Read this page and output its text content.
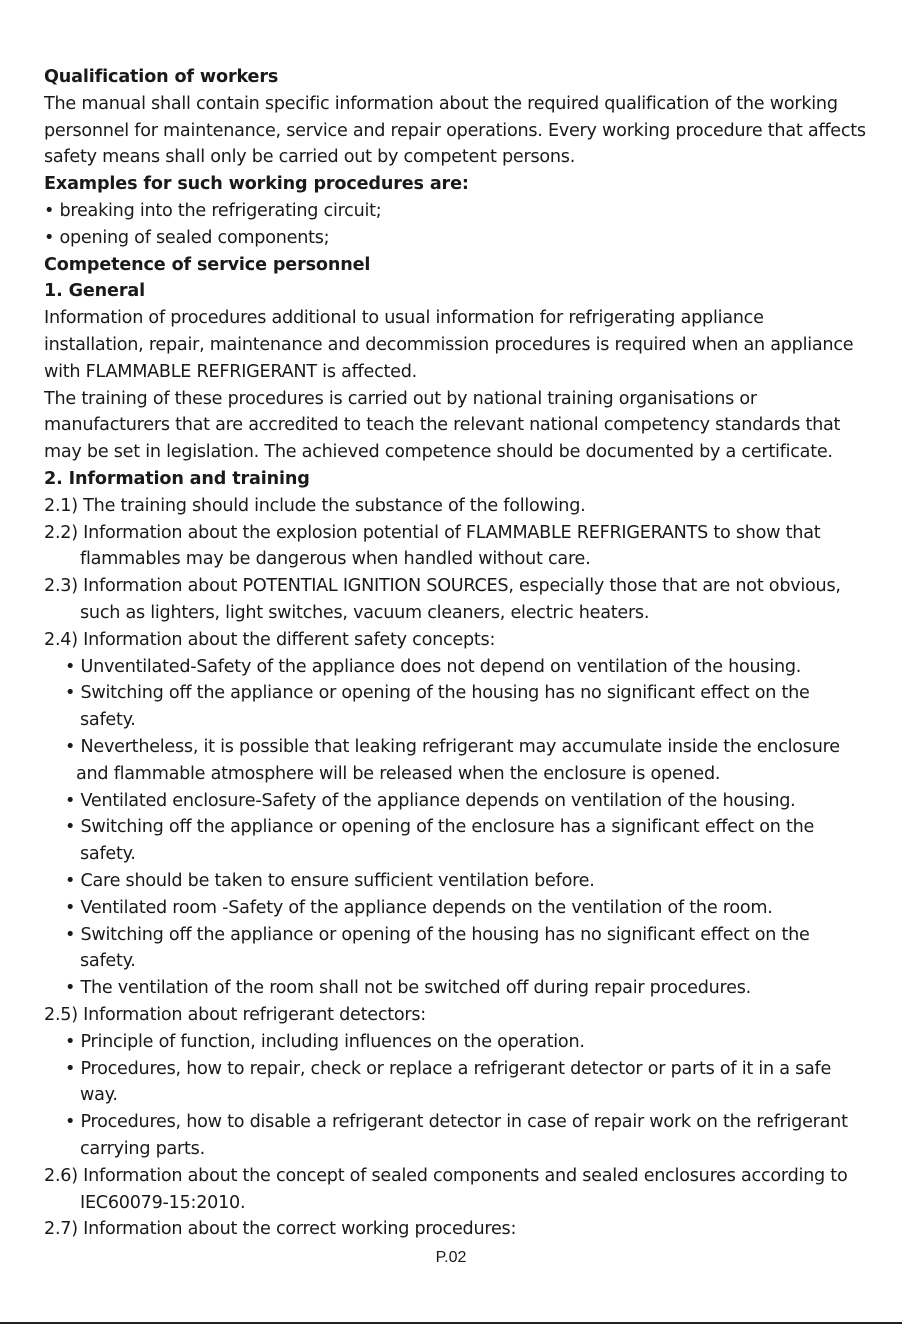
Qualification of workers
The manual shall contain specific information about the required qualification of the working
personnel for maintenance, service and repair operations. Every working procedure that affects
safety means shall only be carried out by competent persons.
Examples for such working procedures are:
• breaking into the refrigerating circuit;
• opening of sealed components;
Competence of service personnel
1. General
Information of procedures additional to usual information for refrigerating appliance
installation, repair, maintenance and decommission procedures is required when an appliance
with FLAMMABLE REFRIGERANT is affected.
The training of these procedures is carried out by national training organisations or
manufacturers that are accredited to teach the relevant national competency standards that
may be set in legislation. The achieved competence should be documented by a certificate.
2. Information and training
2.1) The training should include the substance of the following.
2.2) Information about the explosion potential of FLAMMABLE REFRIGERANTS to show that
flammables may be dangerous when handled without care.
2.3) Information about POTENTIAL IGNITION SOURCES, especially those that are not obvious,
such as lighters, light switches, vacuum cleaners, electric heaters.
2.4) Information about the different safety concepts:
• Unventilated-Safety of the appliance does not depend on ventilation of the housing.
• Switching off the appliance or opening of the housing has no significant effect on the
safety.
• Nevertheless, it is possible that leaking refrigerant may accumulate inside the enclosure
and flammable atmosphere will be released when the enclosure is opened.
• Ventilated enclosure-Safety of the appliance depends on ventilation of the housing.
• Switching off the appliance or opening of the enclosure has a significant effect on the
safety.
• Care should be taken to ensure sufficient ventilation before.
• Ventilated room -Safety of the appliance depends on the ventilation of the room.
• Switching off the appliance or opening of the housing has no significant effect on the
safety.
• The ventilation of the room shall not be switched off during repair procedures.
2.5) Information about refrigerant detectors:
• Principle of function, including influences on the operation.
• Procedures, how to repair, check or replace a refrigerant detector or parts of it in a safe
way.
• Procedures, how to disable a refrigerant detector in case of repair work on the refrigerant
carrying parts.
2.6) Information about the concept of sealed components and sealed enclosures according to
IEC60079-15:2010.
2.7) Information about the correct working procedures:
P.02
